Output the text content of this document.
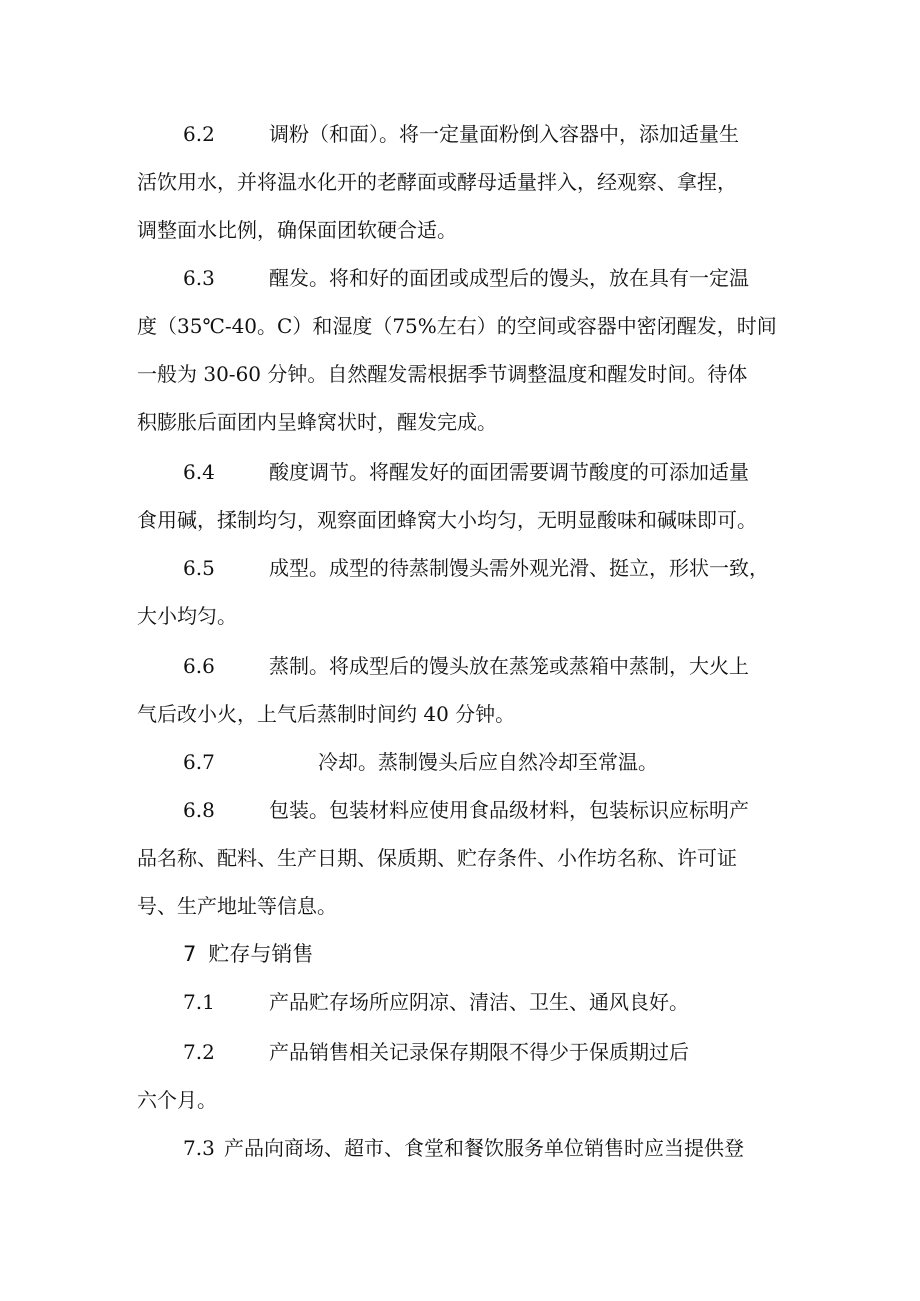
6.2	调粉（和面）。将一定量面粉倒入容器中，添加适量生
活饮用水，并将温水化开的老酵面或酵母适量拌入，经观察、拿捏，
调整面水比例，确保面团软硬合适。
6.3	醒发。将和好的面团或成型后的馒头，放在具有一定温
度（35℃-40。C）和湿度（75%左右）的空间或容器中密闭醒发，时间
一般为 30-60 分钟。自然醒发需根据季节调整温度和醒发时间。待体
积膨胀后面团内呈蜂窝状时，醒发完成。
6.4	酸度调节。将醒发好的面团需要调节酸度的可添加适量
食用碱，揉制均匀，观察面团蜂窝大小均匀，无明显酸味和碱味即可。
6.5	成型。成型的待蒸制馒头需外观光滑、挺立，形状一致，
大小均匀。
6.6	蒸制。将成型后的馒头放在蒸笼或蒸箱中蒸制，大火上
气后改小火，上气后蒸制时间约 40 分钟。
6.7	冷却。蒸制馒头后应自然冷却至常温。
6.8	包装。包装材料应使用食品级材料，包装标识应标明产
品名称、配料、生产日期、保质期、贮存条件、小作坊名称、许可证
号、生产地址等信息。
7 贮存与销售
7.1	产品贮存场所应阴凉、清洁、卫生、通风良好。
7.2	产品销售相关记录保存期限不得少于保质期过后
六个月。
7.3 产品向商场、超市、食堂和餐饮服务单位销售时应当提供登
